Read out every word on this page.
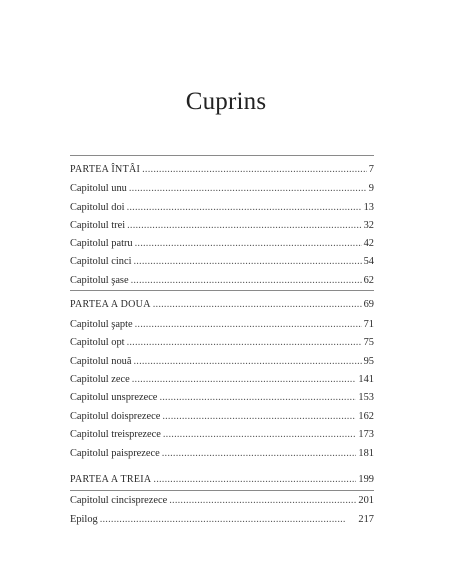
Cuprins
PARTEA ÎNTÂI . . .	7
Capitolul unu . . .	9
Capitolul doi . . .	13
Capitolul trei . . .	32
Capitolul patru . . .	42
Capitolul cinci . . .	54
Capitolul şase . . .	62
PARTEA A DOUA . . .	69
Capitolul şapte . . .	71
Capitolul opt . . .	75
Capitolul nouă . . .	95
Capitolul zece . . .	141
Capitolul unsprezece . . .	153
Capitolul doisprezece . . .	162
Capitolul treisprezece . . .	173
Capitolul paisprezece . . .	181
PARTEA A TREIA . . .	199
Capitolul cincisprezece . . .	201
Epilog . . .	217
